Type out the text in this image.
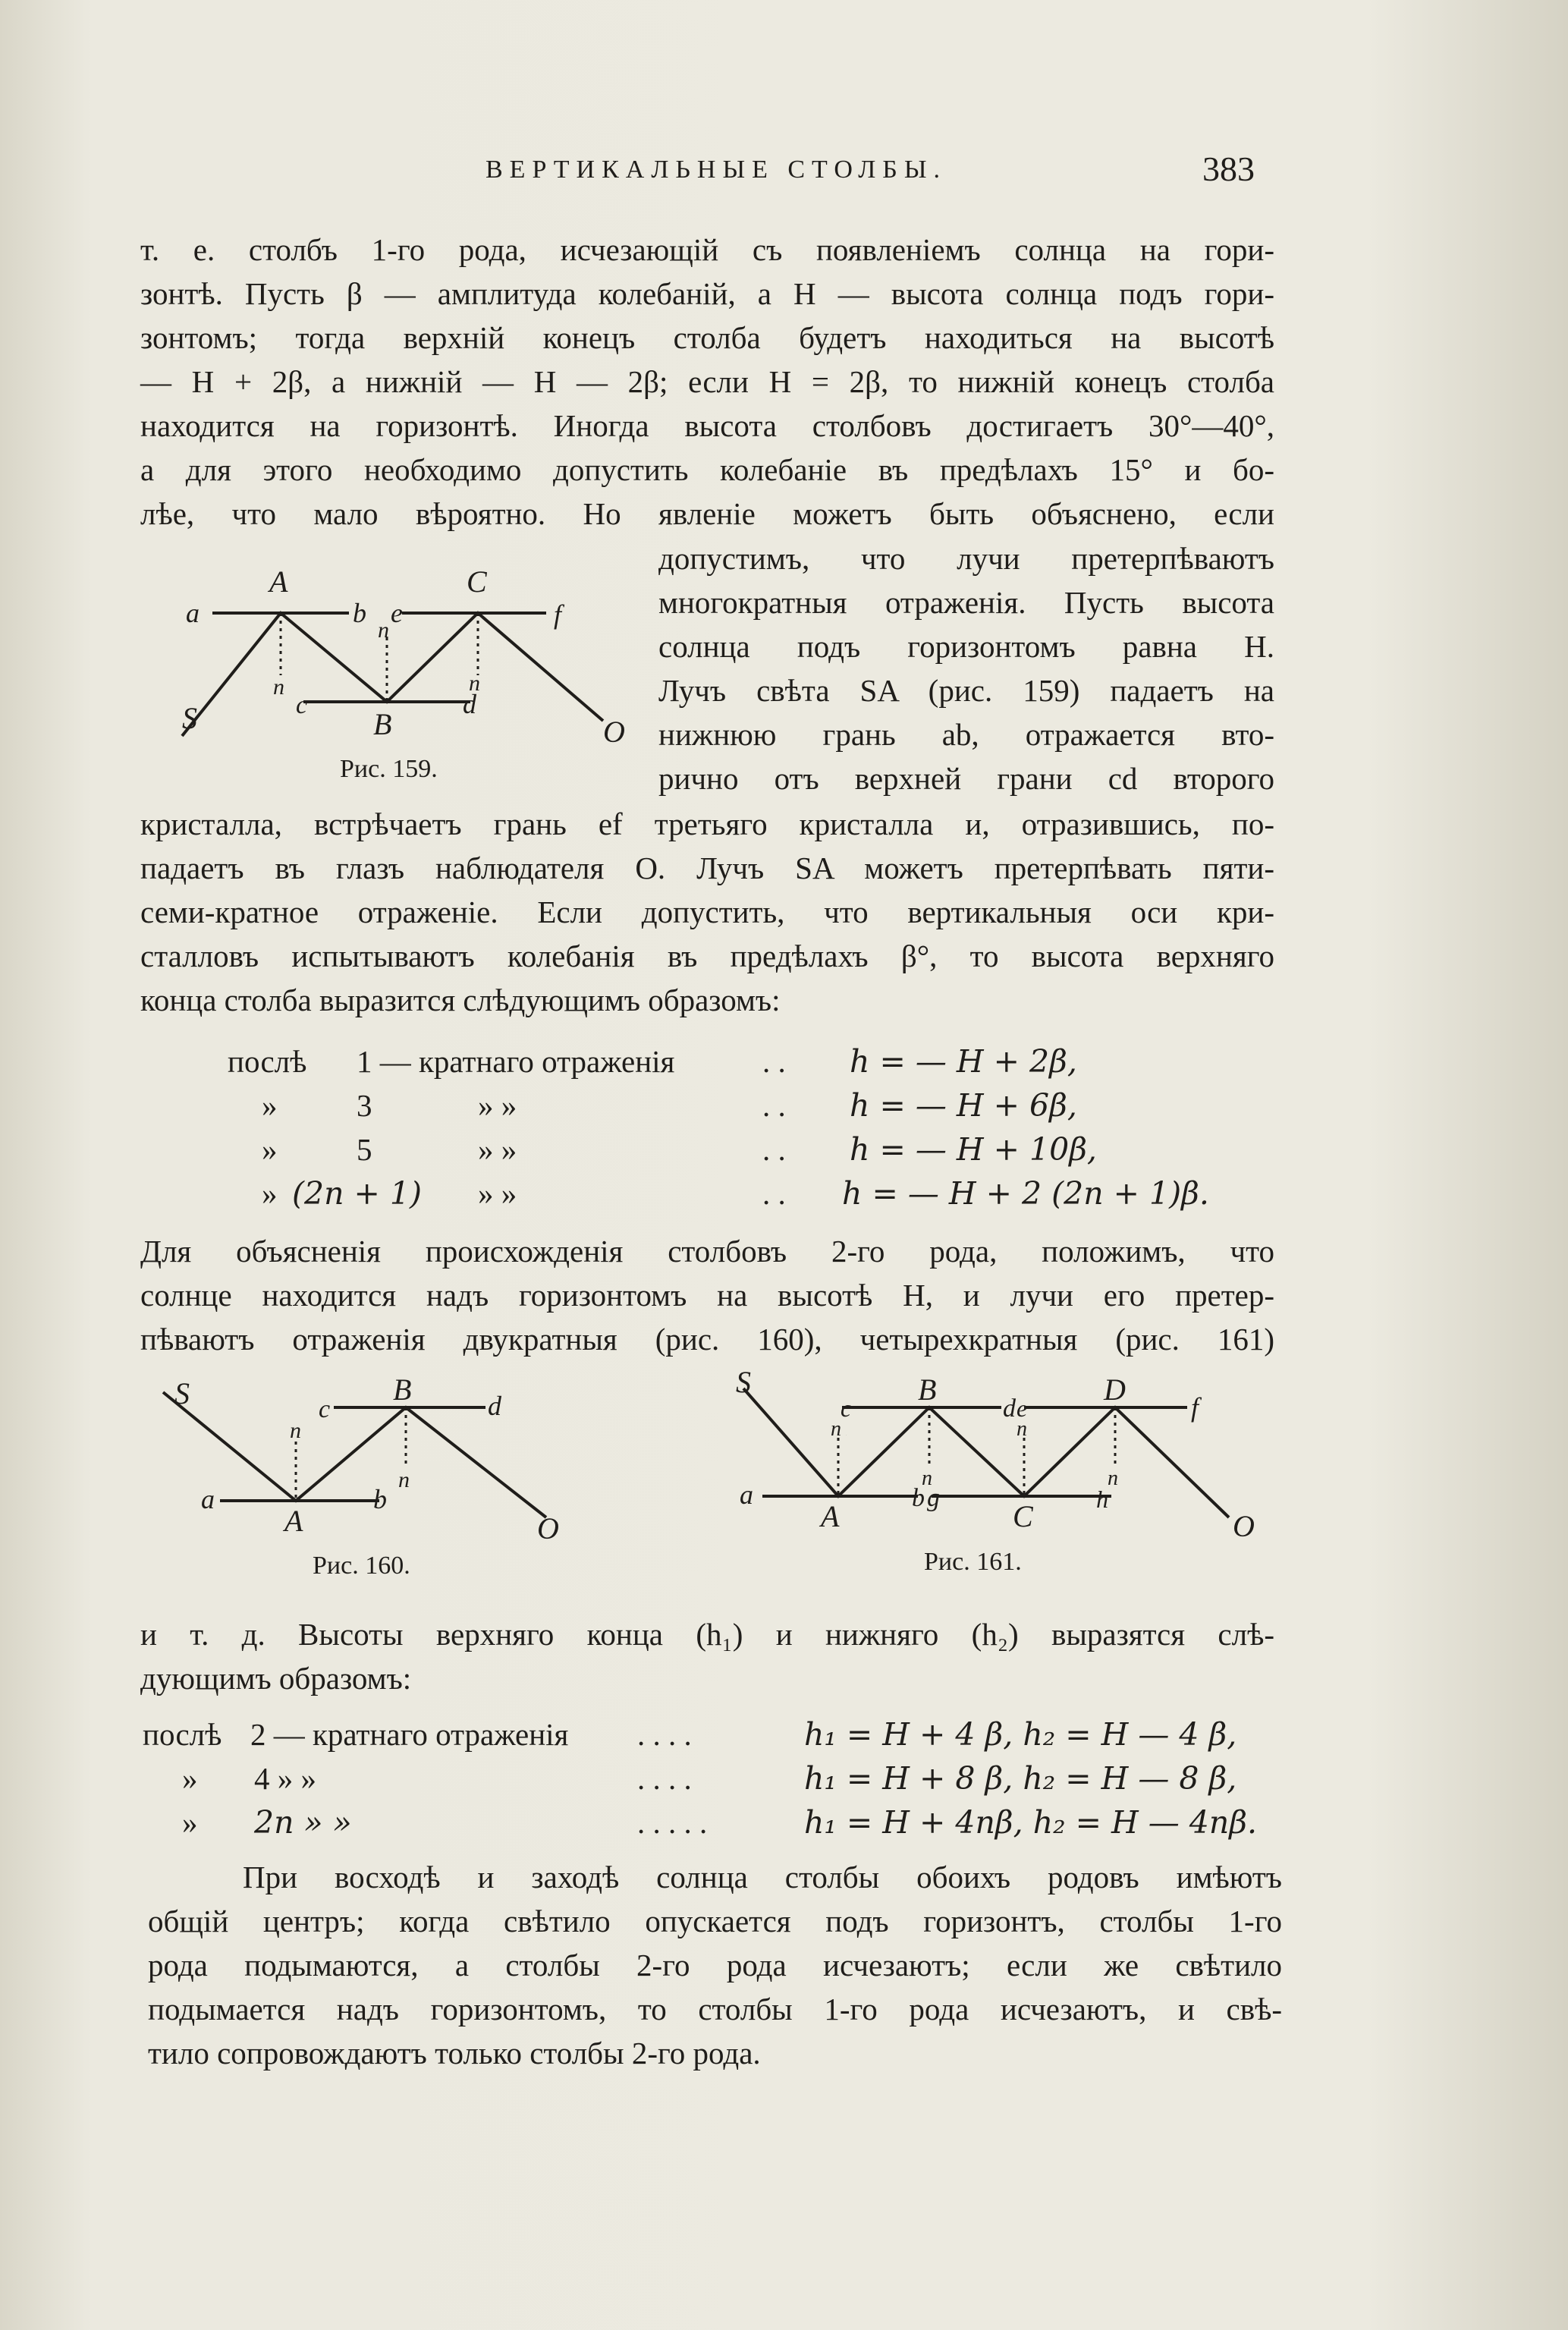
ВЕРТИКАЛЬНЫЕ СТОЛБЫ.	383
т. е. столбъ 1-го рода, исчезающій съ появленіемъ солнца на гори-
зонтѣ. Пусть β — амплитуда колебаній, а H — высота солнца подъ гори-
зонтомъ; тогда верхній конецъ столба будетъ находиться на высотѣ
— H + 2β, а нижній — H — 2β; если H = 2β, то нижній конецъ столба
находится на горизонтѣ. Иногда высота столбовъ достигаетъ 30°—40°,
а для этого необходимо допустить колебаніе въ предѣлахъ 15° и бо-
лѣе, что мало вѣроятно. Но явленіе можетъ быть объяснено, если
допустимъ, что лучи претерпѣваютъ
многократныя отраженія. Пусть высота
солнца подъ горизонтомъ равна H.
Лучъ свѣта SA (рис. 159) падаетъ на
нижнюю грань ab, отражается вто-
рично отъ верхней грани cd второго
A	C
a	b e	f
n
n	n
S	c
B
d
O
Рис. 159.
кристалла, встрѣчаетъ грань ef третьяго кристалла и, отразившись, по-
падаетъ въ глазъ наблюдателя O. Лучъ SA можетъ претерпѣвать пяти-
семи-кратное отраженіе. Если допустить, что вертикальныя оси кри-
сталловъ испытываютъ колебанія въ предѣлахъ β°, то высота верхняго
конца столба выразится слѣдующимъ образомъ:
послѣ 1 — кратнаго отраженія	. . h = — H + 2β,
»	3	» »	. . h = — H + 6β,
»	5	» »	. . h = — H + 10β,
» (2n + 1) » »	. . h = — H + 2 (2n + 1)β.
Для объясненія происхожденія столбовъ 2-го рода, положимъ, что
солнце находится надъ горизонтомъ на высотѣ H, и лучи его претер-
пѣваютъ отраженія двукратныя (рис. 160), четырехкратныя (рис. 161)
S	c
B	d
n
n
a
A
b
O
Рис. 160.
S
c
B
d e
D
f
n
n
n
n
n
a
A
b g
C	h
O
Рис. 161.
и т. д. Высоты верхняго конца (h₁) и нижняго (h₂) выразятся слѣ-
дующимъ образомъ:
послѣ 2 — кратнаго отраженія . . . .	h₁ = H + 4 β, h₂ = H — 4 β,
» 4 » »	. . . .	h₁ = H + 8 β, h₂ = H — 8 β,
» 2n » »	. . . . .	h₁ = H + 4nβ, h₂ = H — 4nβ.
При восходѣ и заходѣ солнца столбы обоихъ родовъ имѣютъ
общій центръ; когда свѣтило опускается подъ горизонтъ, столбы 1-го
рода подымаются, а столбы 2-го рода исчезаютъ; если же свѣтило
подымается надъ горизонтомъ, то столбы 1-го рода исчезаютъ, и свѣ-
тило сопровождаютъ только столбы 2-го рода.
